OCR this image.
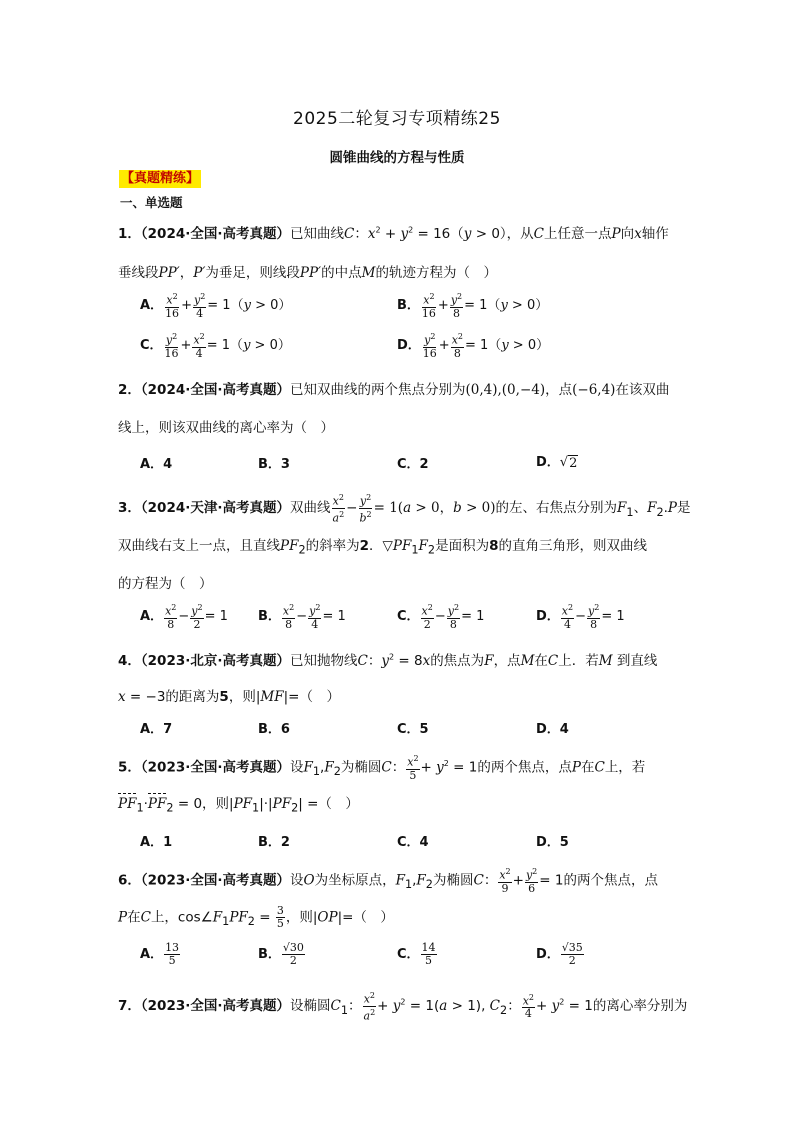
2025二轮复习专项精练25
圆锥曲线的方程与性质
【真题精练】
一、单选题
1．（2024·全国·高考真题）已知曲线C：$x^2 + y^2 = 16(y > 0)$，从C上任意一点P向x轴作
垂线段PP′，P′为垂足，则线段PP′的中点M的轨迹方程为（　）
A． $\frac{x^2}{16} + \frac{y^2}{4} = 1(y > 0)$	B． $\frac{x^2}{16} + \frac{y^2}{8} = 1(y > 0)$
C． $\frac{y^2}{16} + \frac{x^2}{4} = 1(y > 0)$	D． $\frac{y^2}{16} + \frac{x^2}{8} = 1(y > 0)$
2．（2024·全国·高考真题）已知双曲线的两个焦点分别为(0,4),(0,−4)，点(−6,4)在该双曲
线上，则该双曲线的离心率为（　）
A．4	B．3	C．2	D．√ 2
3．（2024·天津·高考真题）双曲线 $\frac{x^2}{a^2} - \frac{y^2}{b^2} = 1(a > 0$，b > 0)的左、右焦点分别为$F_1$、$F_2.P$是
双曲线右支上一点，且直线$PF_2$的斜率为2．$▽PF_1F_2$是面积为8的直角三角形，则双曲线
的方程为（　）
A． $\frac{x^2}{8} - \frac{y^2}{2} = 1$ B． $\frac{x^2}{8} - \frac{y^2}{4} = 1$	C． $\frac{x^2}{2} - \frac{y^2}{8} = 1$	D． $\frac{x^2}{4} - \frac{y^2}{8} = 1$
4．（2023·北京·高考真题）已知抛物线C：$y^2 = 8x$的焦点为F，点M在C上．若M 到直线
x = −3的距离为5，则|MF|=（　）
A．7	B．6	C．5	D．4
5．（2023·全国·高考真题）设$F_1,F_2$为椭圆C： $\frac{x^2}{5} + y^2 = 1$的两个焦点，点P在C上，若
$PF_1\cdot PF_2 = 0$，则$|PF_1|\cdot|PF_2|$ =（　）
A．1	B．2	C．4	D．5
6．（2023·全国·高考真题）设O为坐标原点，$F_1,F_2$为椭圆C： $\frac{x^2}{9} + \frac{y^2}{6} = 1$的两个焦点，点
P在C上，$\cos\angle F_1PF_2 = \frac{3}{5}$ ，则|OP|=（　）
A． $\frac{13}{5}$	B． $\frac{√30}{2}$	C． $\frac{14}{5}$	D． $\frac{√35}{2}$
7．（2023·全国·高考真题）设椭圆$C_1$： $\frac{x^2}{a^2} + y^2 = 1(a > 1)$, $C_2$： $\frac{x^2}{4} + y^2 = 1$的离心率分别为
